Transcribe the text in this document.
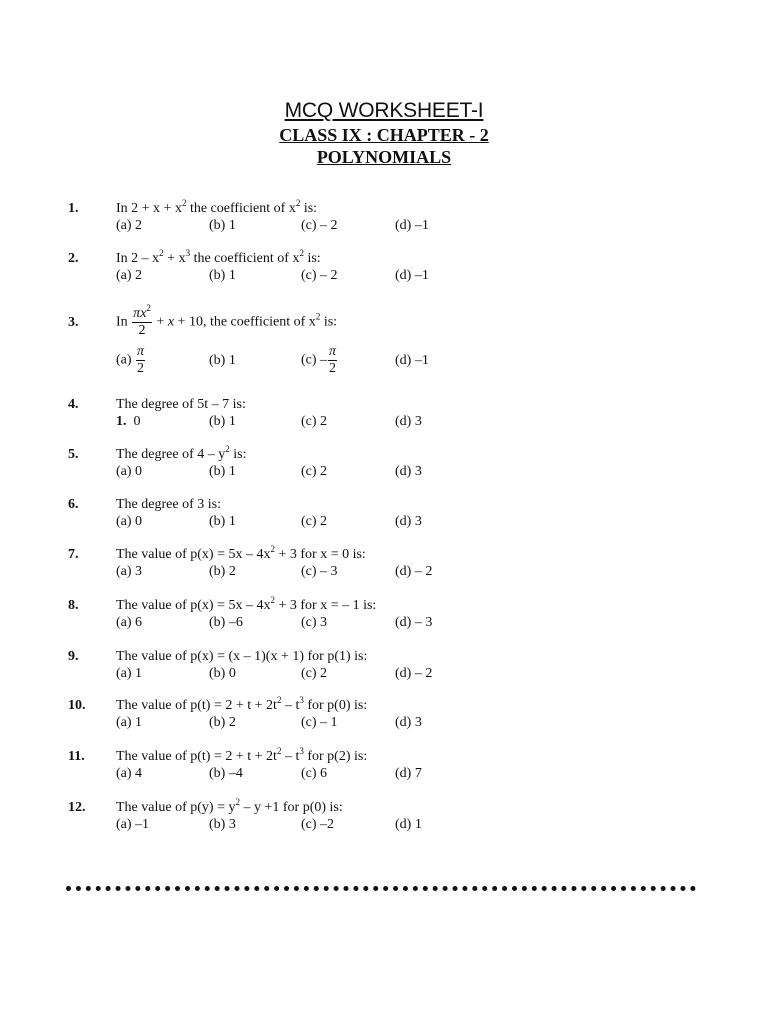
MCQ WORKSHEET-I
CLASS IX : CHAPTER - 2
POLYNOMIALS
1.	In $2 + x + x^2$ the coefficient of $x^2$ is:
(a) 2	(b) 1	(c) – 2	(d) –1
2.	In $2 - x^2 + x^3$ the coefficient of $x^2$ is:
(a) 2	(b) 1	(c) – 2	(d) –1
3.	In $\frac{\pi x^2}{2} + x + 10$, the coefficient of $x^2$ is:
$(a) \frac{\pi}{2}$	(b) 1	$(c) - \frac{\pi}{2}$	(d) –1
4.	The degree of 5t – 7 is:
1. 0	(b) 1	(c) 2	(d) 3
5.	The degree of $4 - y^2$ is:
(a) 0	(b) 1	(c) 2	(d) 3
6.	The degree of 3 is:
(a) 0	(b) 1	(c) 2	(d) 3
7.	The value of $p(x) = 5x - 4x^2 + 3$ for x = 0 is:
(a) 3	(b) 2	(c) – 3	(d) – 2
8.	The value of $p(x) = 5x - 4x^2 + 3$ for x = – 1 is:
(a) 6	(b) –6	(c) 3	(d) – 3
9.	The value of p(x) = (x – 1)(x + 1) for p(1) is:
(a) 1	(b) 0	(c) 2	(d) – 2
10. The value of $p(t) = 2 + t + 2t^2 - t^3$ for p(0) is:
(a) 1	(b) 2	(c) – 1	(d) 3
11. The value of $p(t) = 2 + t + 2t^2 - t^3$ for p(2) is:
(a) 4	(b) –4	(c) 6	(d) 7
12. The value of $p(y) = y^2 - y +1$ for p(0) is:
(a) –1	(b) 3	(c) –2	(d) 1
